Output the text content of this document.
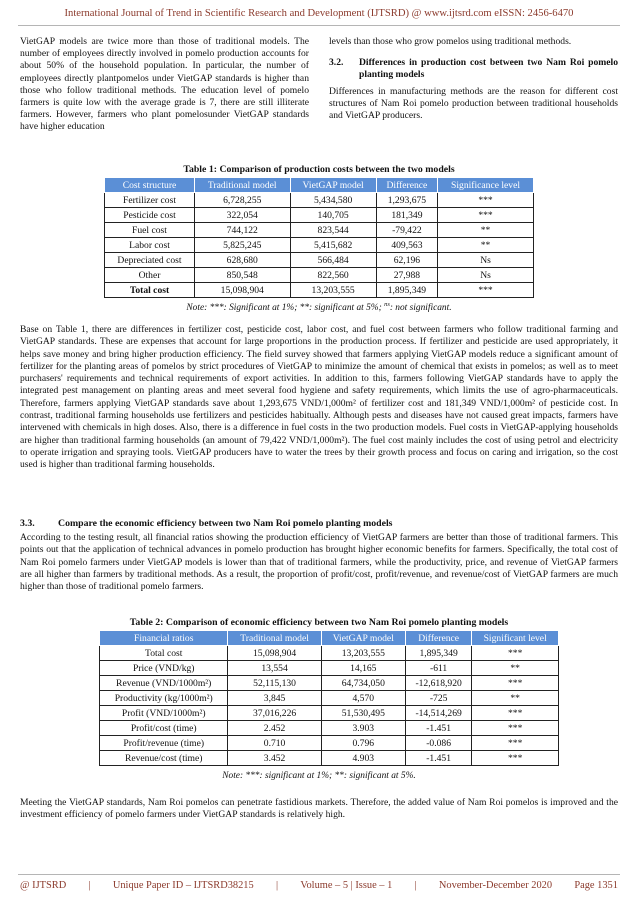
International Journal of Trend in Scientific Research and Development (IJTSRD) @ www.ijtsrd.com eISSN: 2456-6470
VietGAP models are twice more than those of traditional models. The number of employees directly involved in pomelo production accounts for about 50% of the household population. In particular, the number of employees directly plantpomelos under VietGAP standards is higher than those who follow traditional methods. The education level of pomelo farmers is quite low with the average grade is 7, there are still illiterate farmers. However, farmers who plant pomelosunder VietGAP standards have higher education
levels than those who grow pomelos using traditional methods.
3.2.	Differences in production cost between two Nam Roi pomelo planting models
Differences in manufacturing methods are the reason for different cost structures of Nam Roi pomelo production between traditional households and VietGAP producers.
Table 1: Comparison of production costs between the two models
Cost structure	Traditional model	VietGAP model	Difference	Significance level
Fertilizer cost	6,728,255	5,434,580	1,293,675	***
Pesticide cost	322,054	140,705	181,349	***
Fuel cost	744,122	823,544	-79,422	**
Labor cost	5,825,245	5,415,682	409,563	**
Depreciated cost	628,680	566,484	62,196	Ns
Other	850,548	822,560	27,988	Ns
Total cost	15,098,904	13,203,555	1,895,349	***
Note: ***: Significant at 1%; **: significant at 5%; $^{ns}$: not significant.
Base on Table 1, there are differences in fertilizer cost, pesticide cost, labor cost, and fuel cost between farmers who follow traditional farming and VietGAP standards. These are expenses that account for large proportions in the production process. If fertilizer and pesticide are used appropriately, it helps save money and bring higher production efficiency. The field survey showed that farmers applying VietGAP models reduce a significant amount of fertilizer for the planting areas of pomelos by strict procedures of VietGAP to minimize the amount of chemical that exists in pomelos; as well as to meet purchasers' requirements and technical requirements of export activities. In addition to this, farmers following VietGAP standards have to apply the integrated pest management on planting areas and meet several food hygiene and safety requirements, which limits the use of agro-pharmaceuticals. Therefore, farmers applying VietGAP standards save about 1,293,675 VND/1,000m² of fertilizer cost and 181,349 VND/1,000m² of pesticide cost. In contrast, traditional farming households use fertilizers and pesticides habitually. Although pests and diseases have not caused great impacts, farmers have intervened with chemicals in high doses. Also, there is a difference in fuel costs in the two production models. Fuel costs in VietGAP-applying households are higher than traditional farming households (an amount of 79,422 VND/1,000m²). The fuel cost mainly includes the cost of using petrol and electricity to operate irrigation and spraying tools. VietGAP producers have to water the trees by their growth process and focus on caring and irrigation, so the cost used is higher than traditional farming households.
3.3.	Compare the economic efficiency between two Nam Roi pomelo planting models
According to the testing result, all financial ratios showing the production efficiency of VietGAP farmers are better than those of traditional farmers. This points out that the application of technical advances in pomelo production has brought higher economic benefits for farmers. Specifically, the total cost of Nam Roi pomelo farmers under VietGAP models is lower than that of traditional farmers, while the productivity, price, and revenue of VietGAP farmers are all higher than farmers by traditional methods. As a result, the proportion of profit/cost, profit/revenue, and revenue/cost of VietGAP farmers are much higher than those of traditional pomelo farmers.
Table 2: Comparison of economic efficiency between two Nam Roi pomelo planting models
Financial ratios	Traditional model	VietGAP model	Difference	Significant level
Total cost	15,098,904	13,203,555	1,895,349	***
Price (VND/kg)	13,554	14,165	-611	**
Revenue (VND/1000m²)	52,115,130	64,734,050	-12,618,920	***
Productivity (kg/1000m²)	3,845	4,570	-725	**
Profit (VND/1000m²)	37,016,226	51,530,495	-14,514,269	***
Profit/cost (time)	2.452	3.903	-1.451	***
Profit/revenue (time)	0.710	0.796	-0.086	***
Revenue/cost (time)	3.452	4.903	-1.451	***
Note: ***: significant at 1%; **: significant at 5%.
Meeting the VietGAP standards, Nam Roi pomelos can penetrate fastidious markets. Therefore, the added value of Nam Roi pomelos is improved and the investment efficiency of pomelo farmers under VietGAP standards is relatively high.
@ IJTSRD | Unique Paper ID – IJTSRD38215 | Volume – 5 | Issue – 1 | November-December 2020 Page 1351
